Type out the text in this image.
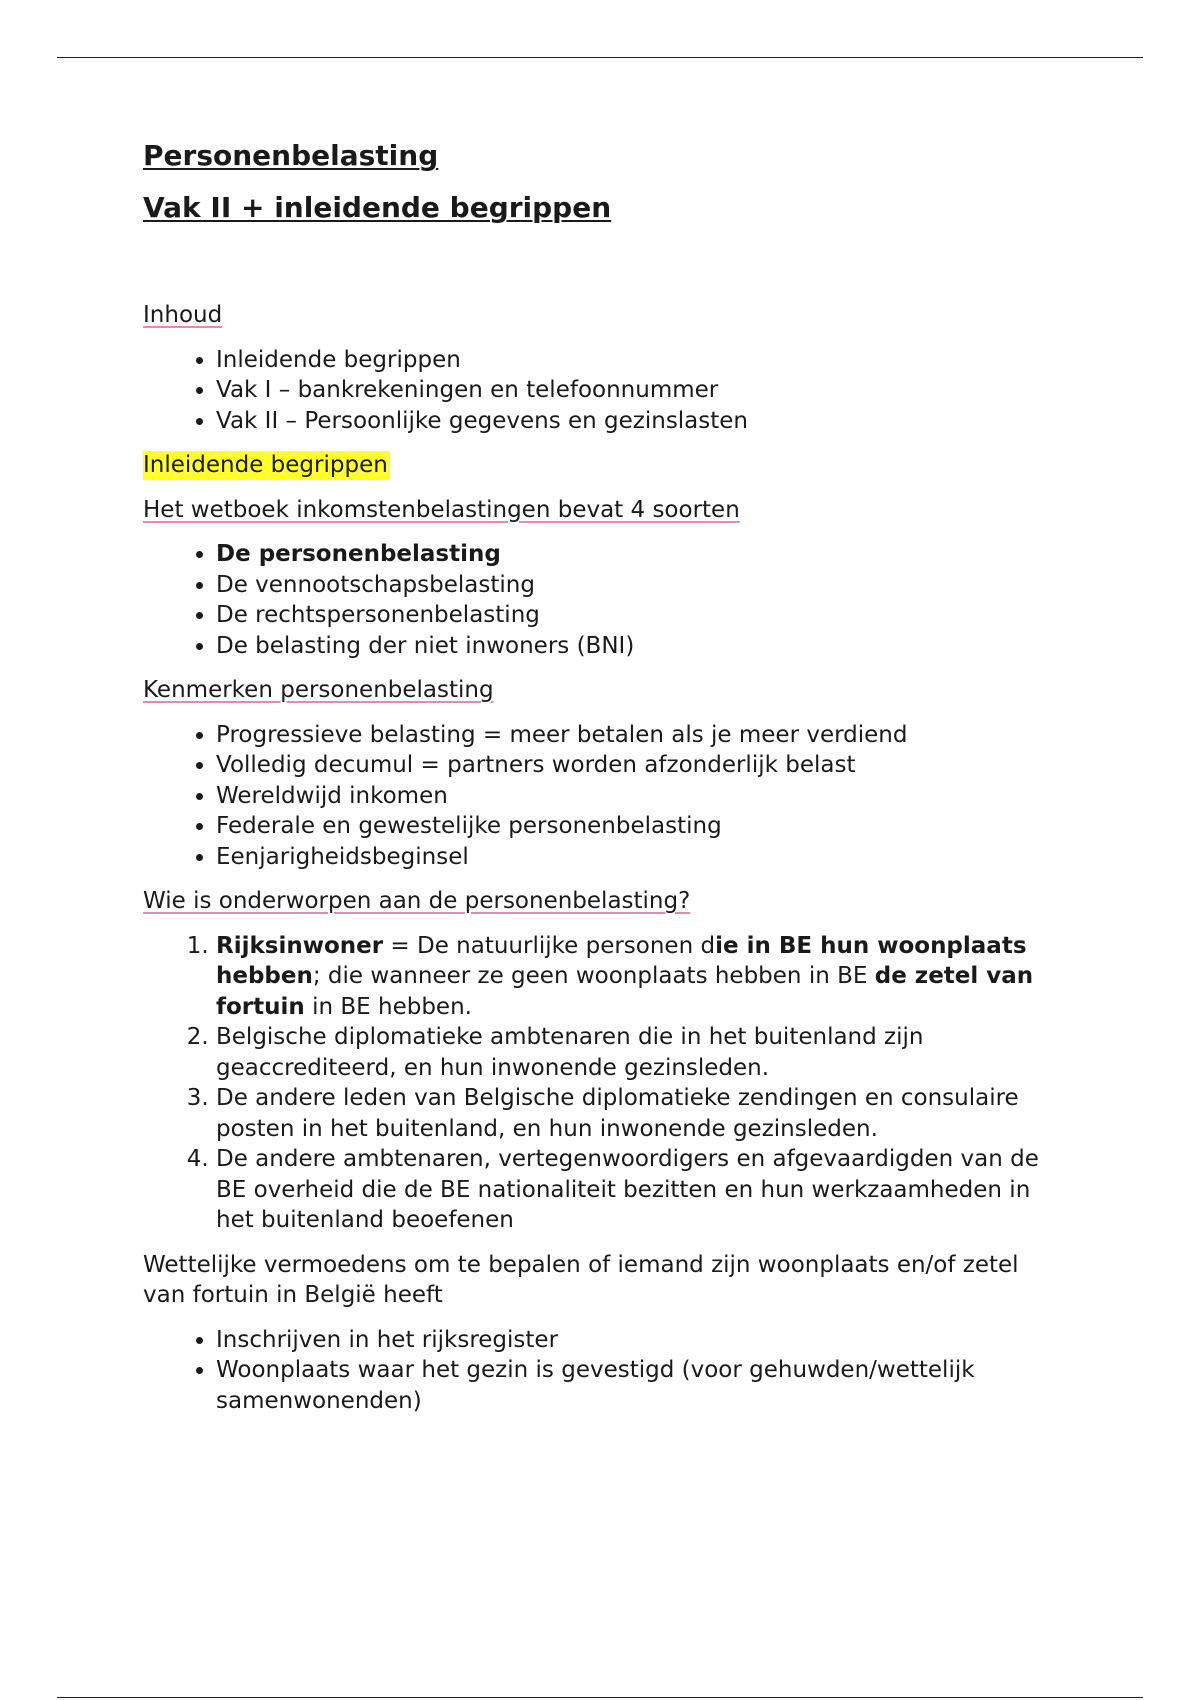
Personenbelasting
Vak II + inleidende begrippen

Inhoud

• Inleidende begrippen
• Vak I – bankrekeningen en telefoonnummer
• Vak II – Persoonlijke gegevens en gezinslasten
Inleidende begrippen

Het wetboek inkomstenbelastingen bevat 4 soorten

• De personenbelasting
• De vennootschapsbelasting
• De rechtspersonenbelasting
• De belasting der niet inwoners (BNI)

Kenmerken personenbelasting

• Progressieve belasting = meer betalen als je meer verdiend
• Volledig decumul = partners worden afzonderlijk belast
• Wereldwijd inkomen
• Federale en gewestelijke personenbelasting
• Eenjarigheidsbeginsel

Wie is onderworpen aan de personenbelasting?

1. Rijksinwoner = De natuurlijke personen die in BE hun woonplaats hebben; die wanneer ze geen woonplaats hebben in BE de zetel van fortuin in BE hebben.
2. Belgische diplomatieke ambtenaren die in het buitenland zijn geaccrediteerd, en hun inwonende gezinsleden.
3. De andere leden van Belgische diplomatieke zendingen en consulaire posten in het buitenland, en hun inwonende gezinsleden.
4. De andere ambtenaren, vertegenwoordigers en afgevaardigden van de BE overheid die de BE nationaliteit bezitten en hun werkzaamheden in het buitenland beoefenen

Wettelijke vermoedens om te bepalen of iemand zijn woonplaats en/of zetel van fortuin in België heeft

• Inschrijven in het rijksregister
• Woonplaats waar het gezin is gevestigd (voor gehuwden/wettelijk samenwonenden)
